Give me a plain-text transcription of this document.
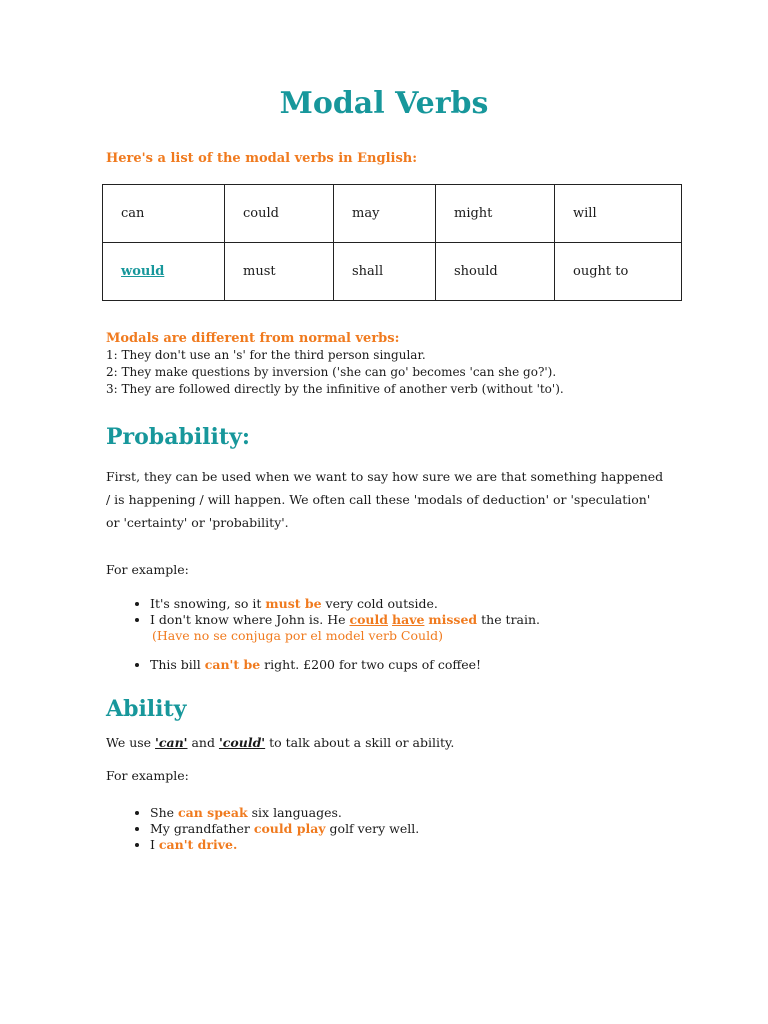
Modal Verbs

Here's a list of the modal verbs in English:

can	could	may	might	will
would	must	shall	should	ought to
Modals are different from normal verbs:
1: They don't use an 's' for the third person singular.
2: They make questions by inversion ('she can go' becomes 'can she go?').
3: They are followed directly by the infinitive of another verb (without 'to').
Probability:

First, they can be used when we want to say how sure we are that something happened / is happening / will happen. We often call these 'modals of deduction' or 'speculation' or 'certainty' or 'probability'.

For example:

• It's snowing, so it must be very cold outside.
• I don't know where John is. He could have missed the train.
(Have no se conjuga por el model verb Could)
• This bill can't be right. £200 for two cups of coffee!
Ability

We use 'can' and 'could' to talk about a skill or ability.

For example:

• She can speak six languages.
• My grandfather could play golf very well.
• I can't drive.
